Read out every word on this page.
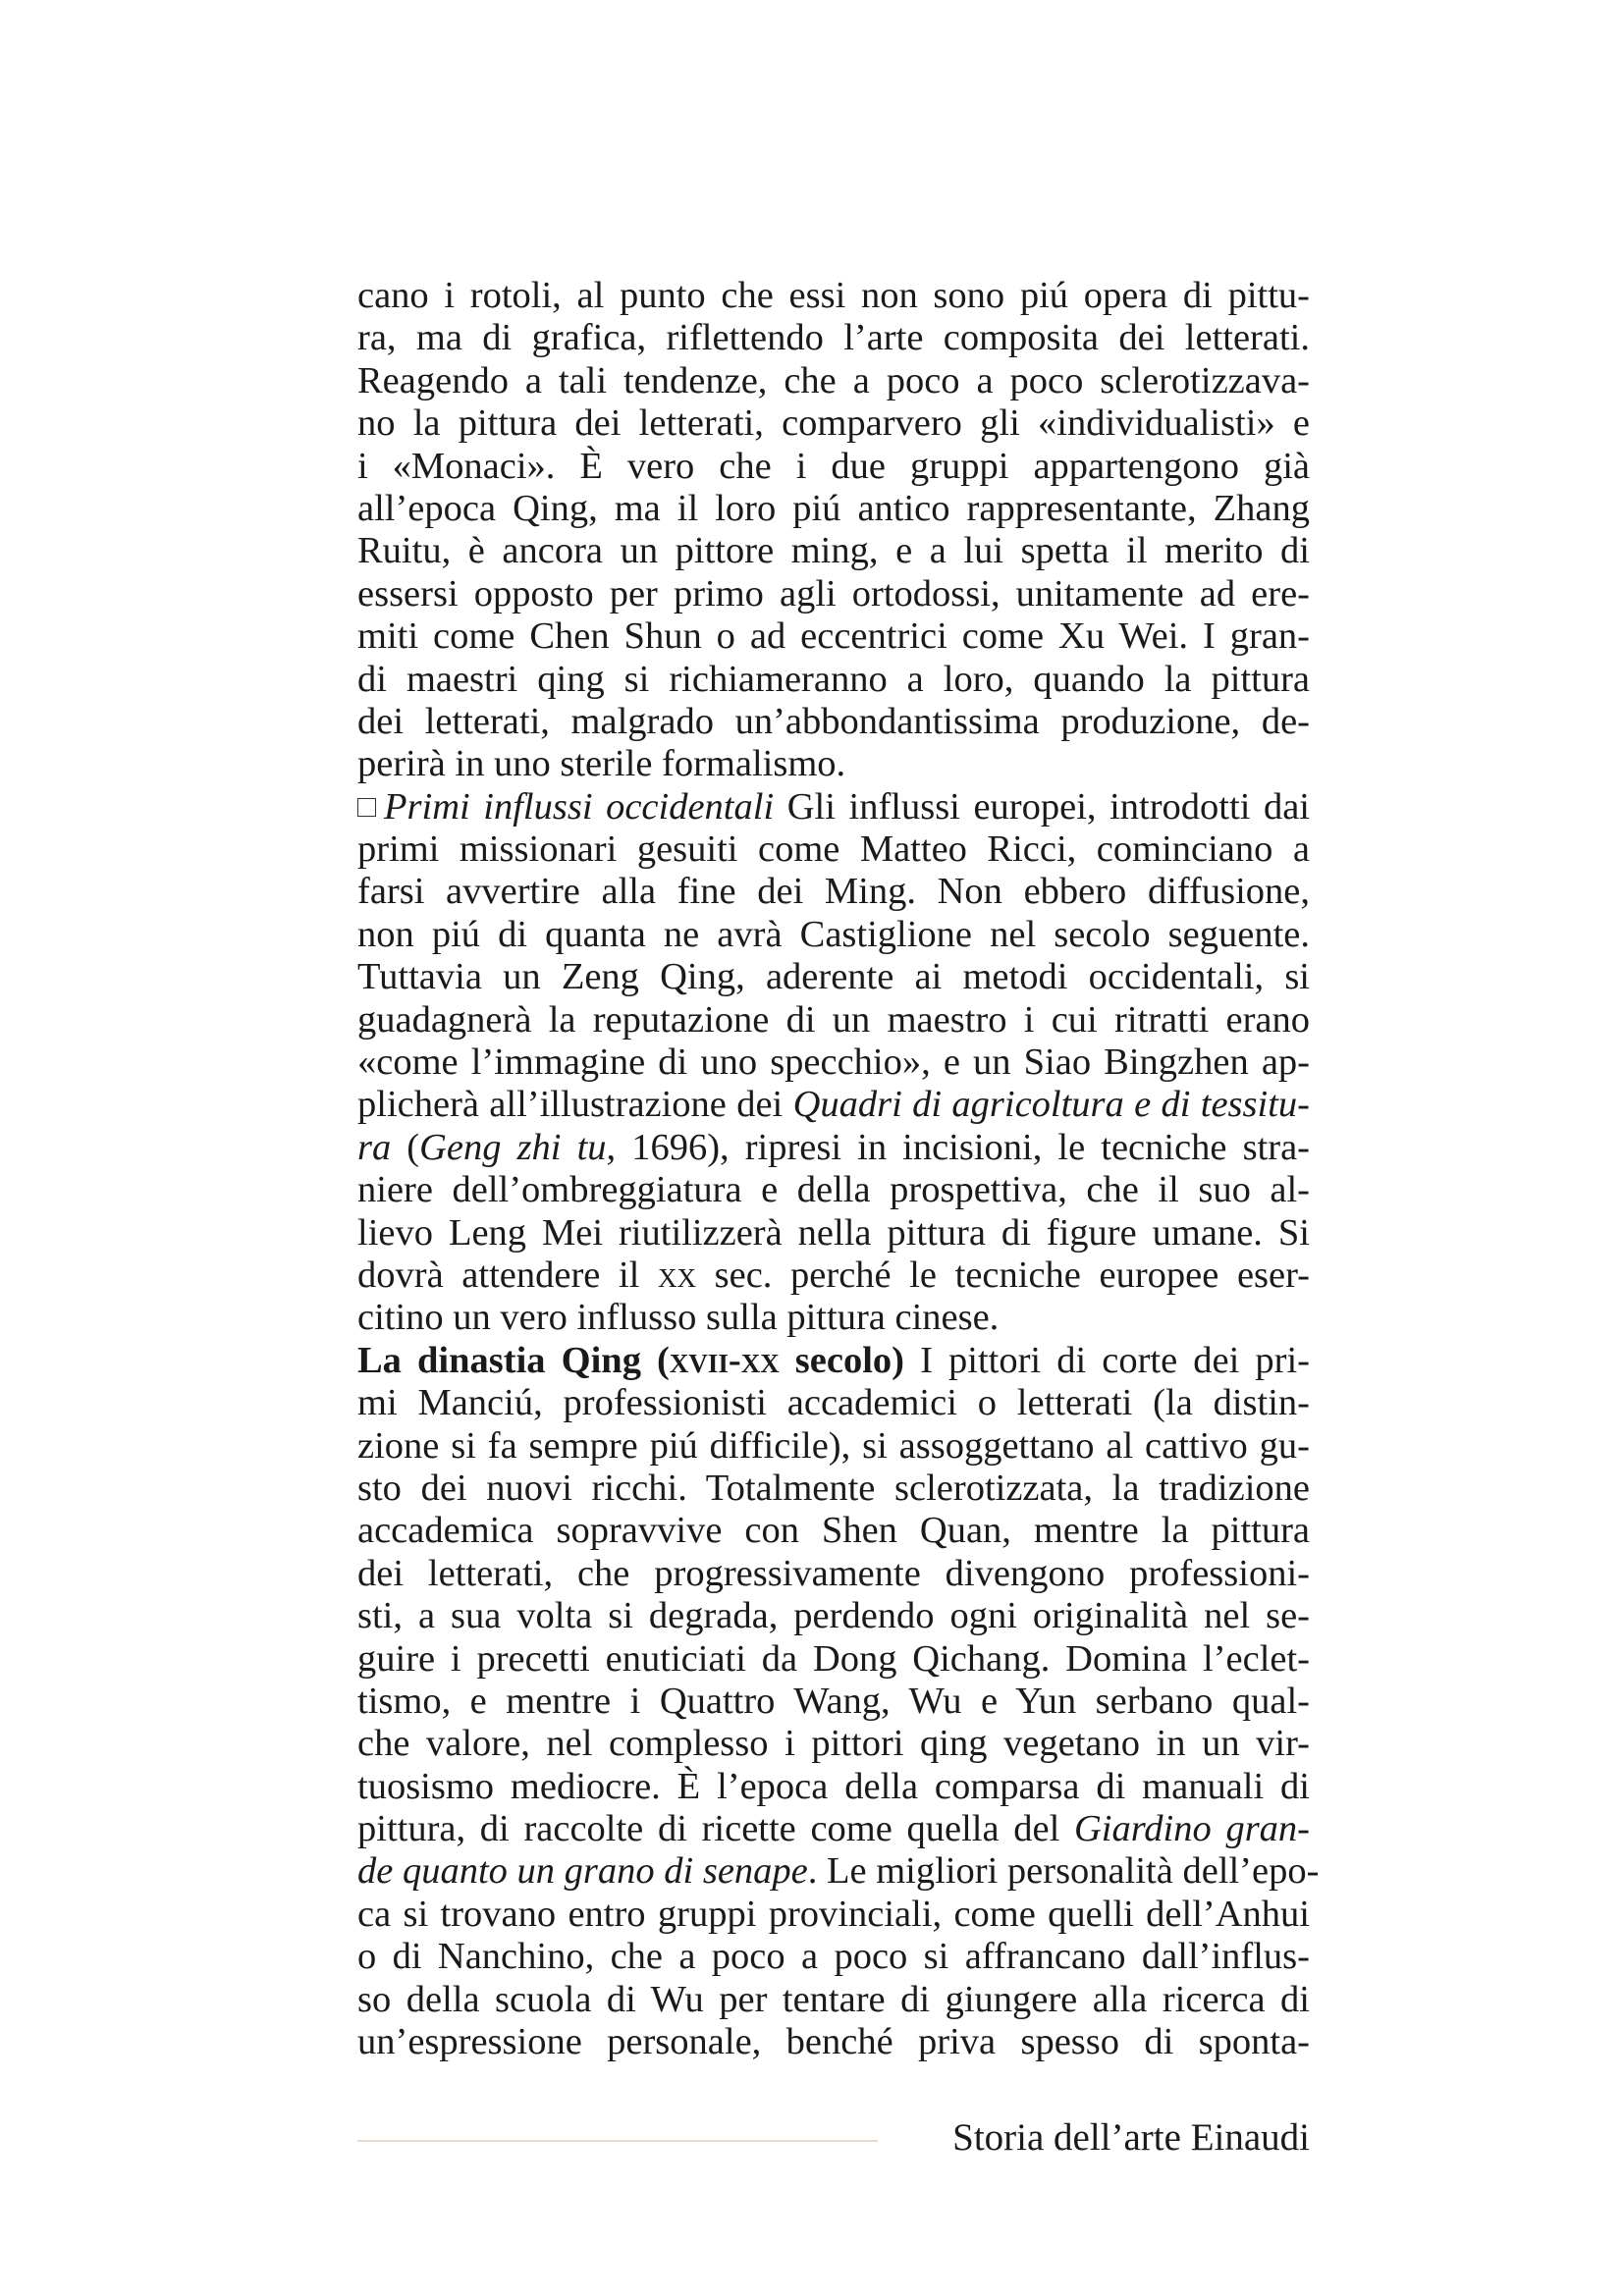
cano i rotoli, al punto che essi non sono piú opera di pittu-
ra, ma di grafica, riflettendo l’arte composita dei letterati.
Reagendo a tali tendenze, che a poco a poco sclerotizzava-
no la pittura dei letterati, comparvero gli «individualisti» e
i «Monaci». È vero che i due gruppi appartengono già
all’epoca Qing, ma il loro piú antico rappresentante, Zhang
Ruitu, è ancora un pittore ming, e a lui spetta il merito di
essersi opposto per primo agli ortodossi, unitamente ad ere-
miti come Chen Shun o ad eccentrici come Xu Wei. I gran-
di maestri qing si richiameranno a loro, quando la pittura
dei letterati, malgrado un’abbondantissima produzione, de-
perirà in uno sterile formalismo.
Primi influssi occidentali Gli influssi europei, introdotti dai
primi missionari gesuiti come Matteo Ricci, cominciano a
farsi avvertire alla fine dei Ming. Non ebbero diffusione,
non piú di quanta ne avrà Castiglione nel secolo seguente.
Tuttavia un Zeng Qing, aderente ai metodi occidentali, si
guadagnerà la reputazione di un maestro i cui ritratti erano
«come l’immagine di uno specchio», e un Siao Bingzhen ap-
plicherà all’illustrazione dei Quadri di agricoltura e di tessitu-
ra (Geng zhi tu, 1696), ripresi in incisioni, le tecniche stra-
niere dell’ombreggiatura e della prospettiva, che il suo al-
lievo Leng Mei riutilizzerà nella pittura di figure umane. Si
dovrà attendere il xx sec. perché le tecniche europee eser-
citino un vero influsso sulla pittura cinese.
La dinastia Qing (xvii-xx secolo) I pittori di corte dei pri-
mi Manciú, professionisti accademici o letterati (la distin-
zione si fa sempre piú difficile), si assoggettano al cattivo gu-
sto dei nuovi ricchi. Totalmente sclerotizzata, la tradizione
accademica sopravvive con Shen Quan, mentre la pittura
dei letterati, che progressivamente divengono professioni-
sti, a sua volta si degrada, perdendo ogni originalità nel se-
guire i precetti enuticiati da Dong Qichang. Domina l’eclet-
tismo, e mentre i Quattro Wang, Wu e Yun serbano qual-
che valore, nel complesso i pittori qing vegetano in un vir-
tuosismo mediocre. È l’epoca della comparsa di manuali di
pittura, di raccolte di ricette come quella del Giardino gran-
de quanto un grano di senape. Le migliori personalità dell’epo-
ca si trovano entro gruppi provinciali, come quelli dell’Anhui
o di Nanchino, che a poco a poco si affrancano dall’influs-
so della scuola di Wu per tentare di giungere alla ricerca di
un’espressione personale, benché priva spesso di sponta-
Storia dell’arte Einaudi
